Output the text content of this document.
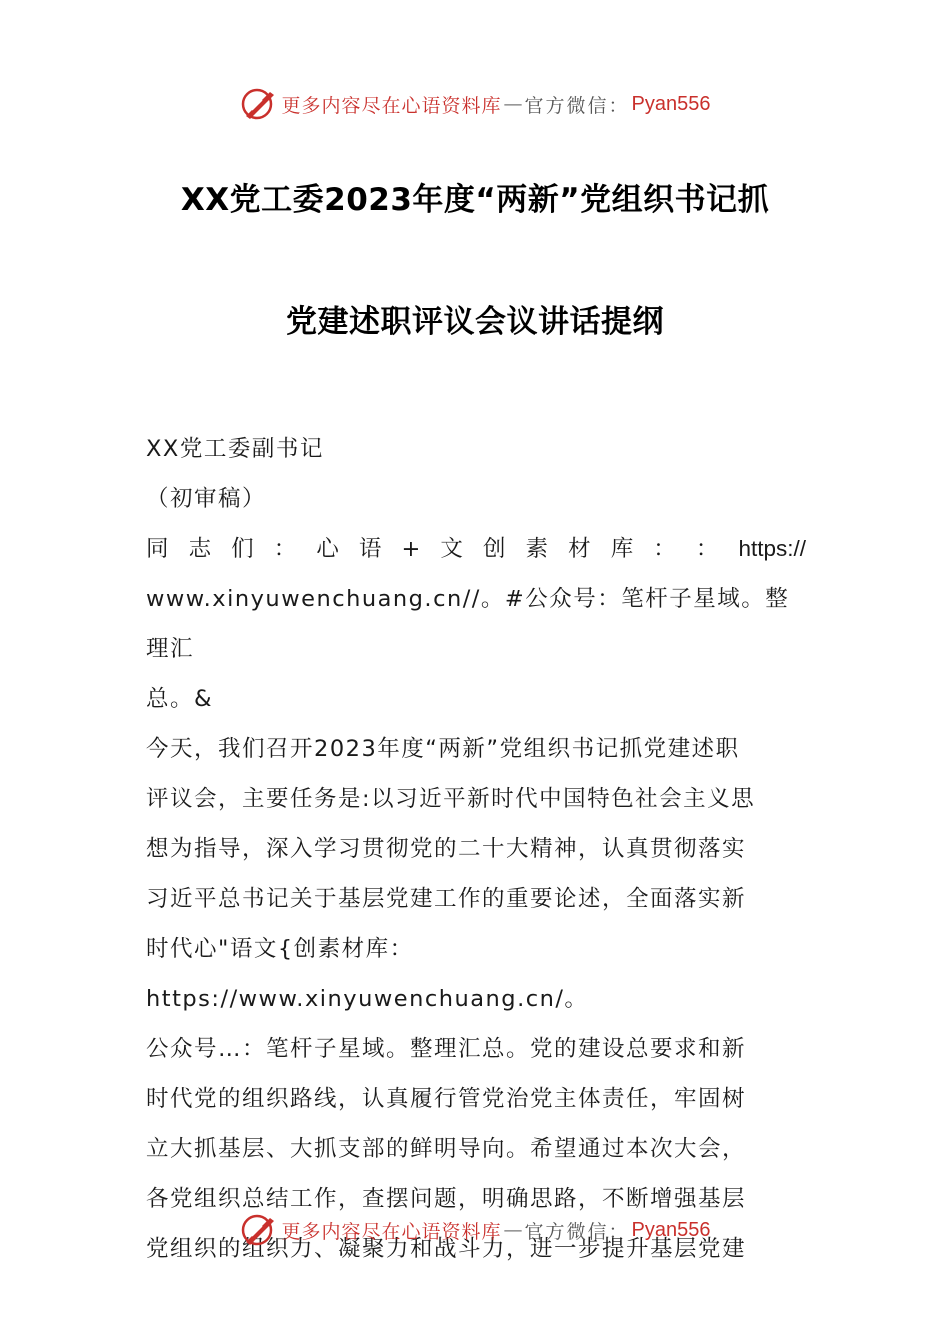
更多内容尽在心语资料库 — 官方微信： Pyan556
XX党工委2023年度“两新”党组织书记抓
党建述职评议会议讲话提纲

XX党工委副书记

（初审稿）

同 志 们 ： 心 语 + 文 创 素 材 库 ： ： https://

www.xinyuwenchuang.cn//。#公众号：笔杆子星域。整理汇

总。&

今天，我们召开2023年度“两新”党组织书记抓党建述职

评议会，主要任务是:以习近平新时代中国特色社会主义思

想为指导，深入学习贯彻党的二十大精神，认真贯彻落实

习近平总书记关于基层党建工作的重要论述，全面落实新

时代心"语文{创素材库：https://www.xinyuwenchuang.cn/。

公众号…：笔杆子星域。整理汇总。党的建设总要求和新

时代党的组织路线，认真履行管党治党主体责任，牢固树

立大抓基层、大抓支部的鲜明导向。希望通过本次大会，

各党组织总结工作，查摆问题，明确思路，不断增强基层

党组织的组织力、凝聚力和战斗力，进一步提升基层党建

更多内容尽在心语资料库 — 官方微信： Pyan556
